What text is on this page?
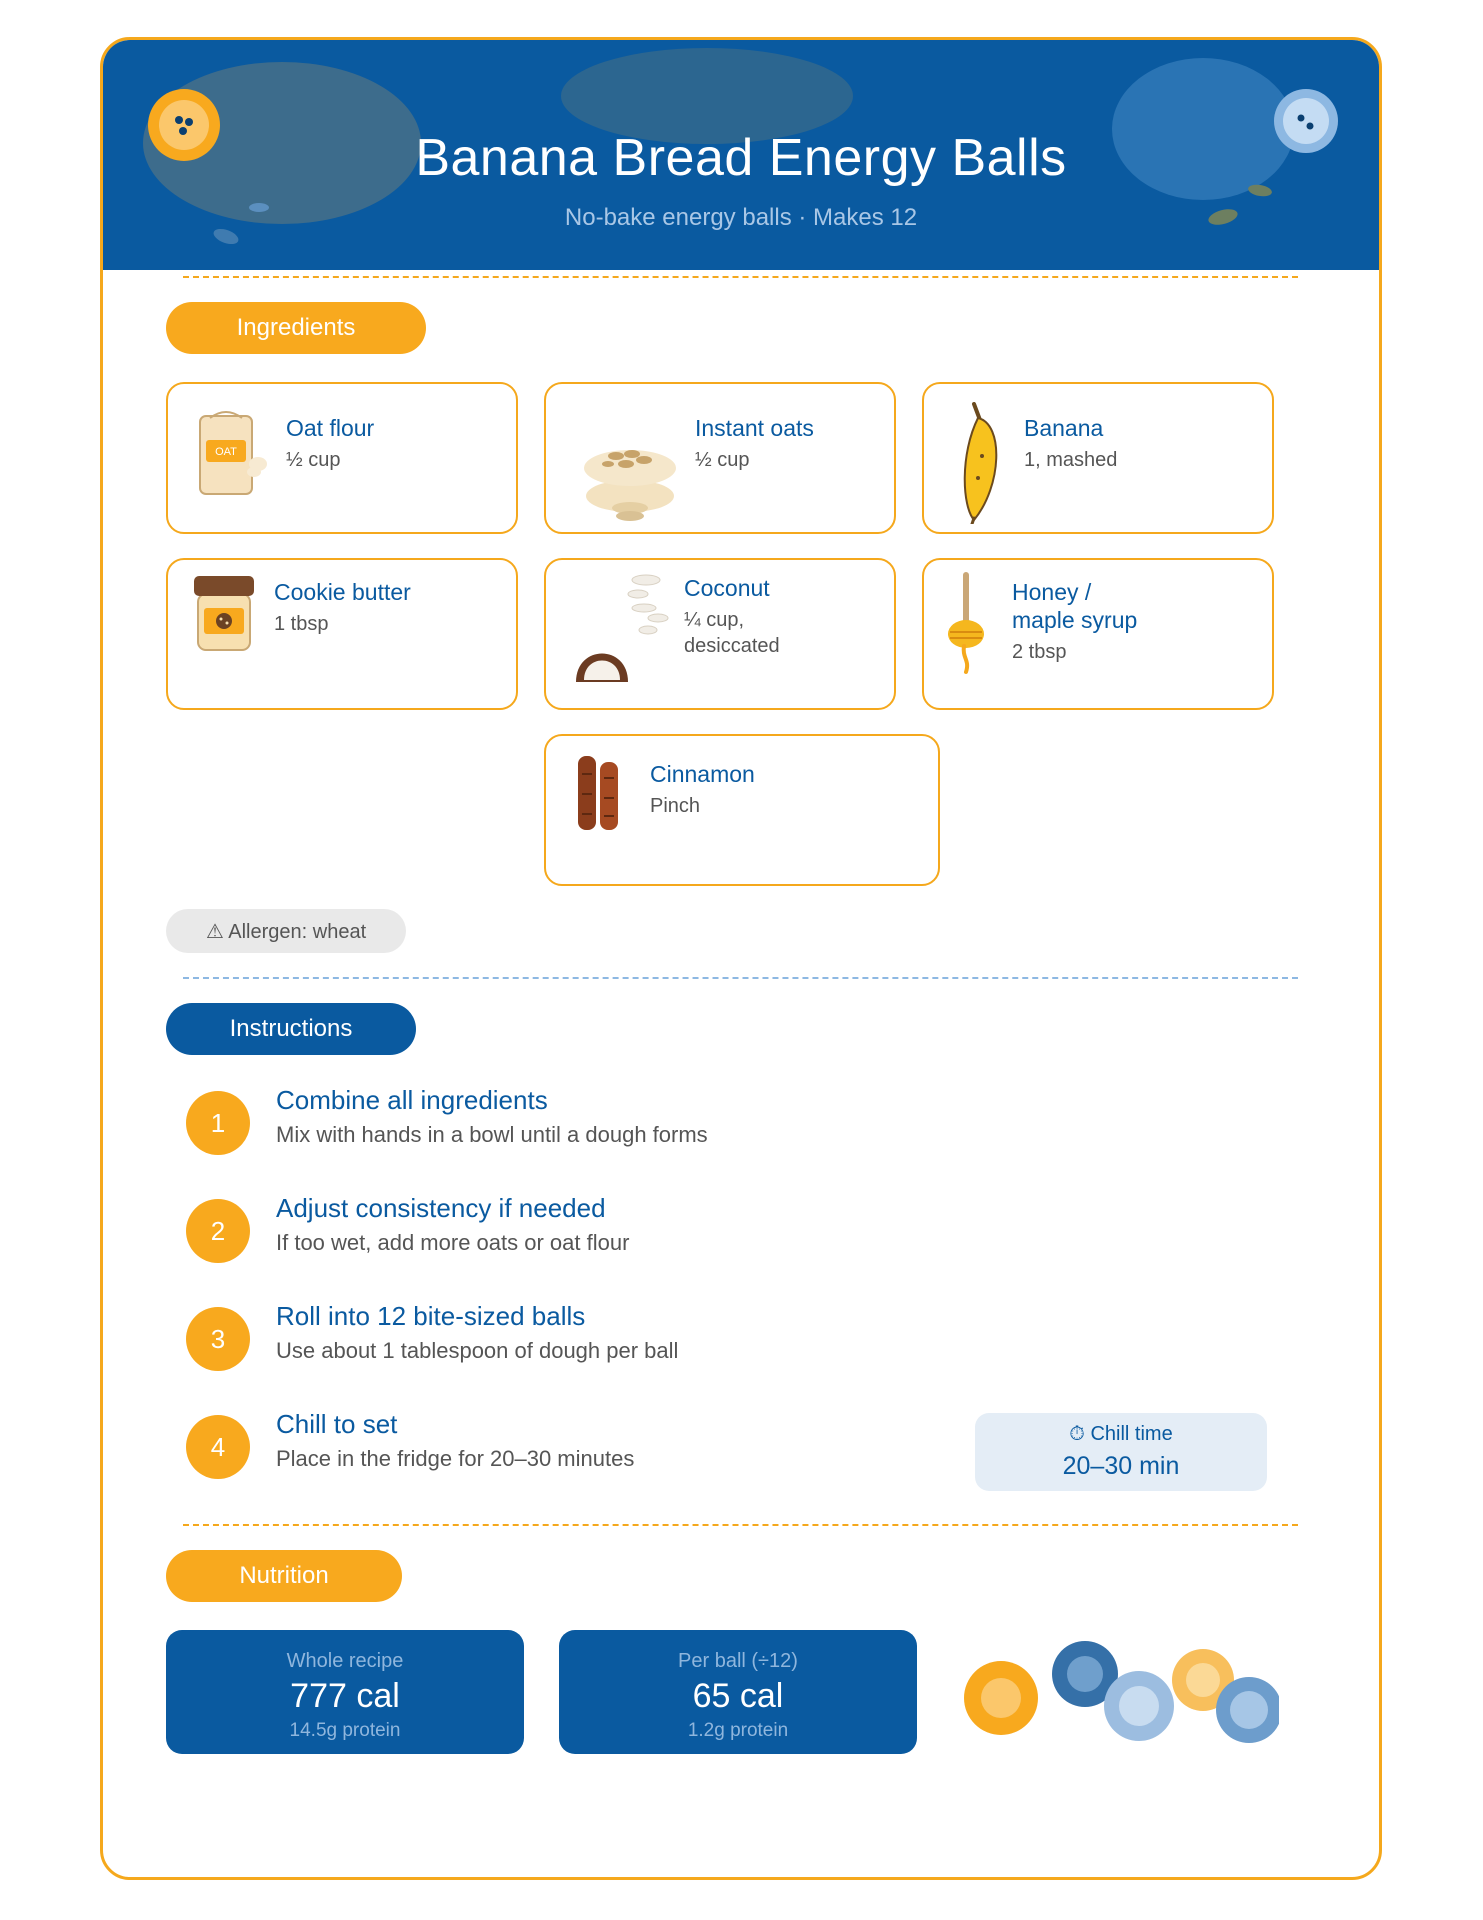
Banana Bread Energy Balls
No-bake energy balls · Makes 12
Ingredients
OAT
Oat flour
½ cup
Instant oats
½ cup
Banana
1, mashed
Cookie butter
1 tbsp
Coconut
¼ cup,
desiccated
Honey /
maple syrup
2 tbsp
Cinnamon
Pinch
⚠ Allergen: wheat
Instructions
1
Combine all ingredients
Mix with hands in a bowl until a dough forms
2
Adjust consistency if needed
If too wet, add more oats or oat flour
3
Roll into 12 bite-sized balls
Use about 1 tablespoon of dough per ball
4
Chill to set
Place in the fridge for 20–30 minutes
⏱ Chill time
20–30 min
Nutrition
Whole recipe
777 cal
14.5g protein
Per ball (÷12)
65 cal
1.2g protein
